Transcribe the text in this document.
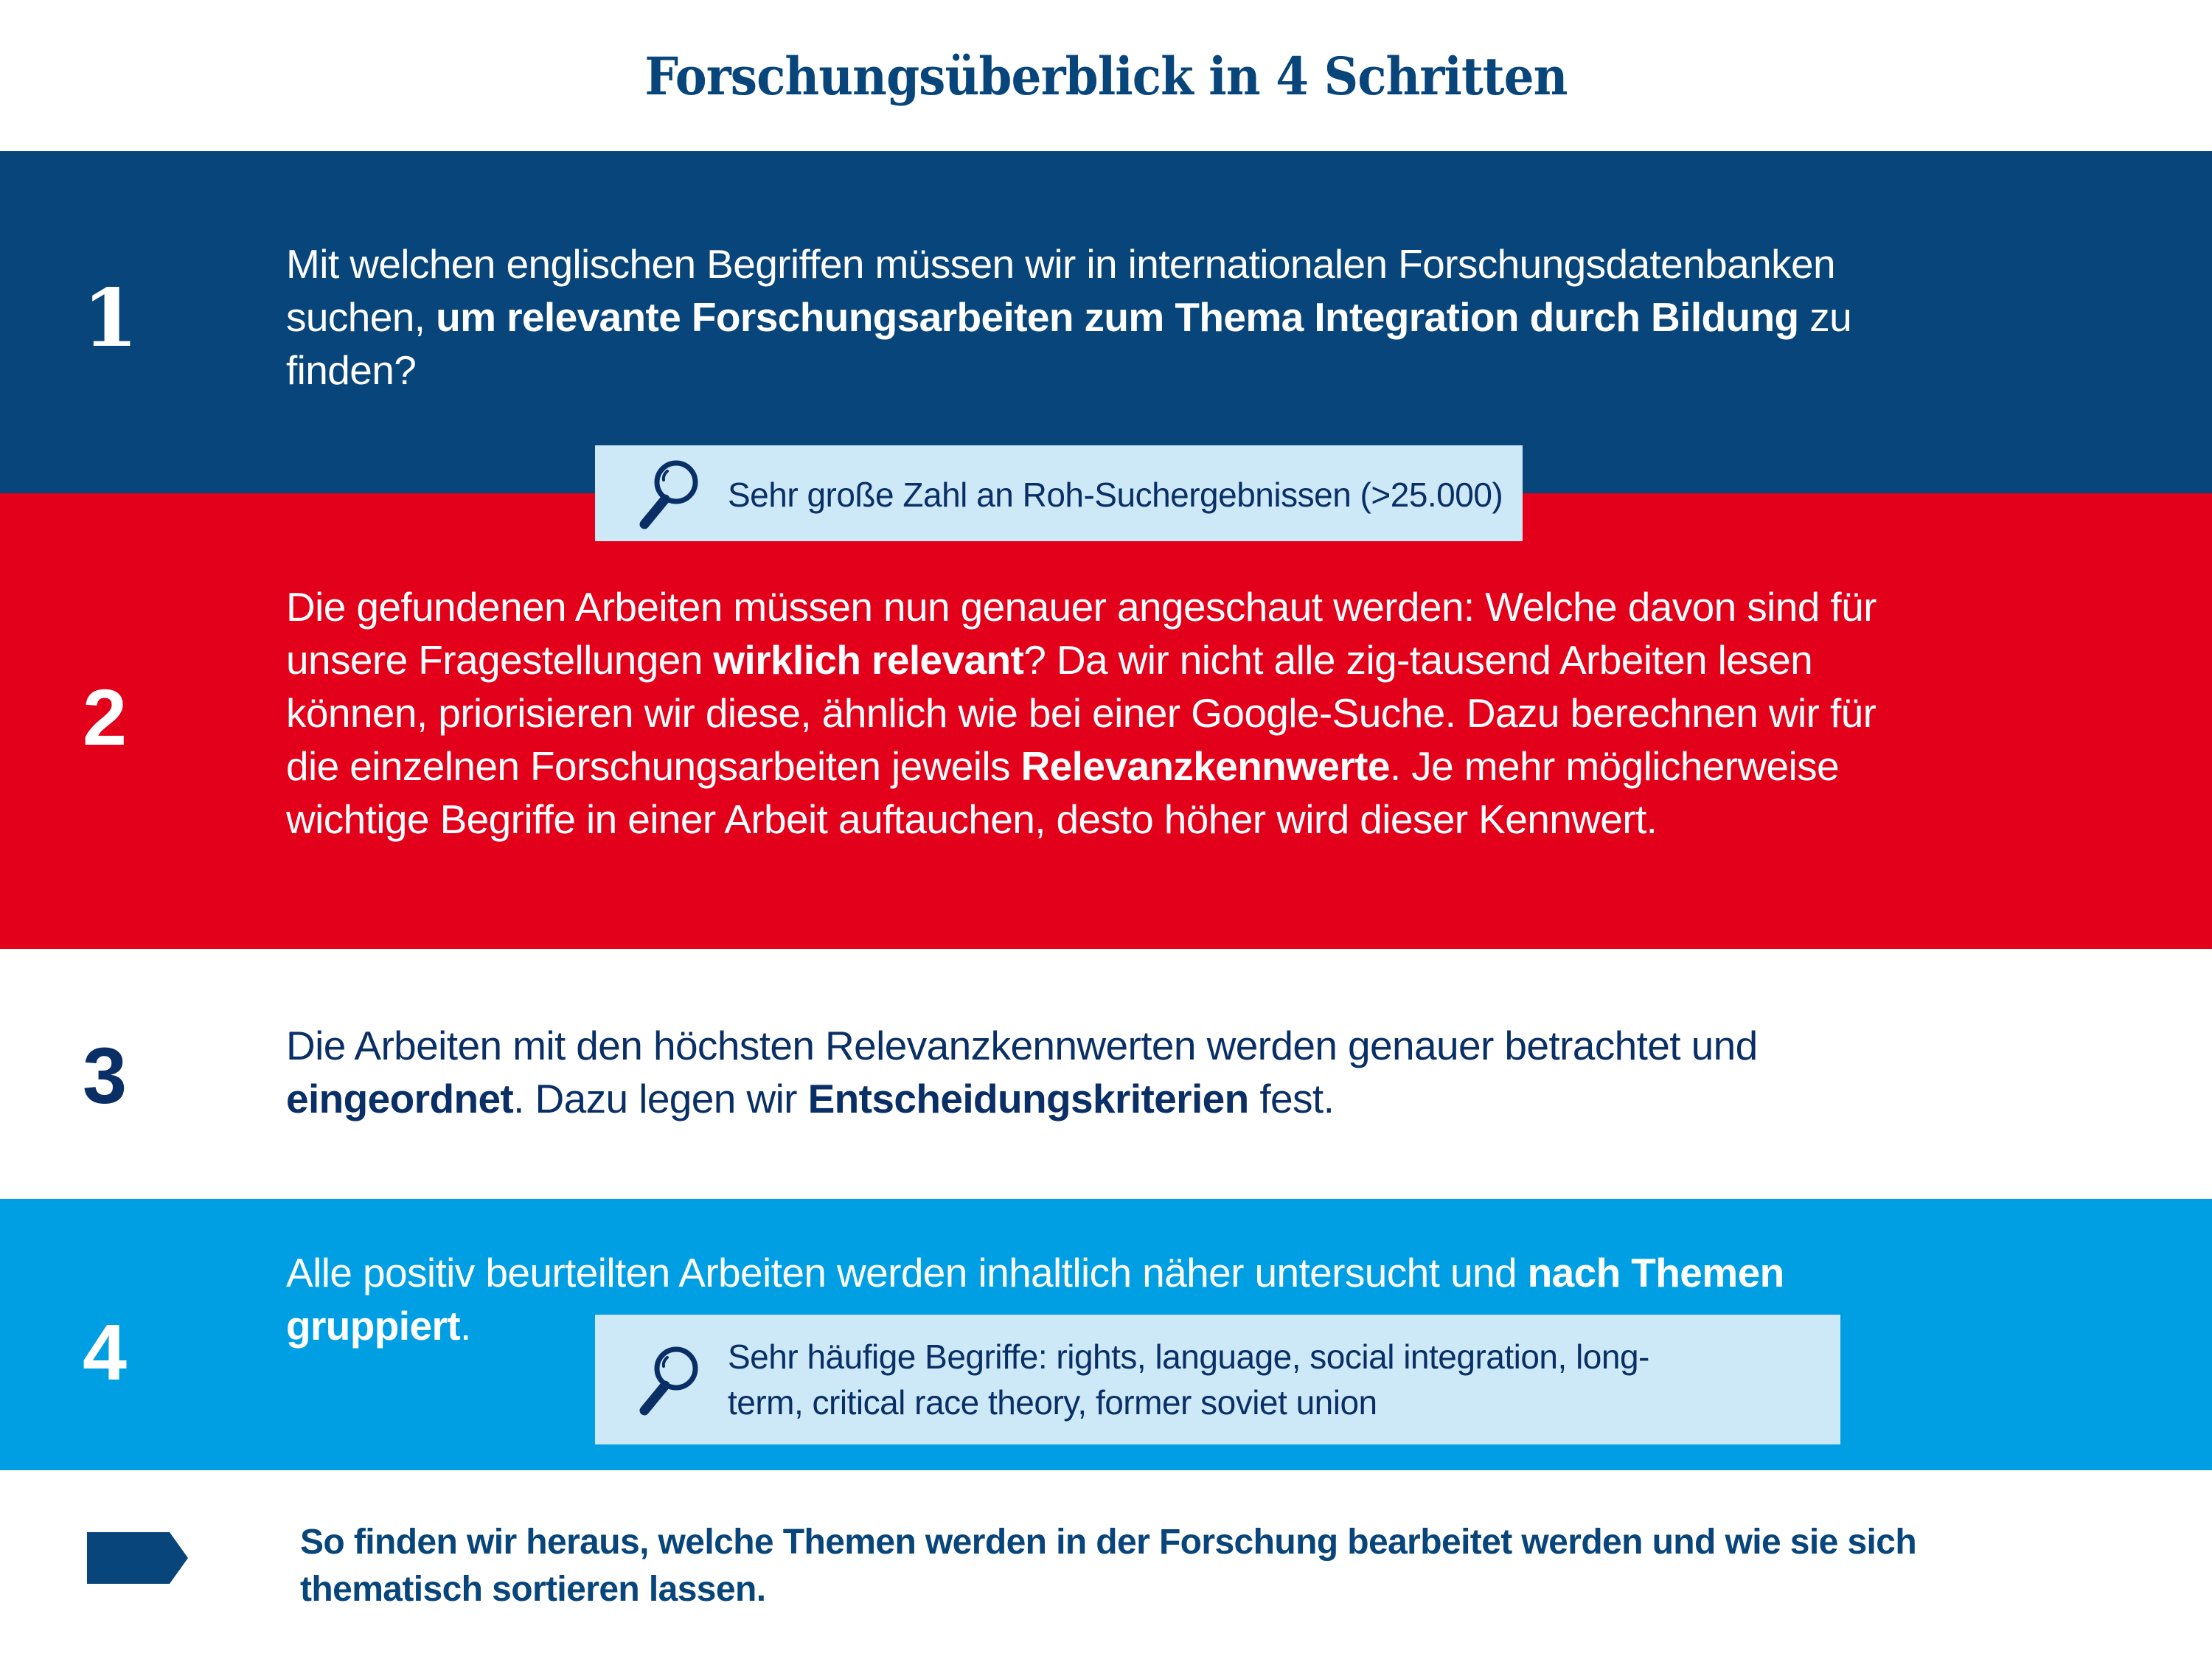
Forschungsüberblick in 4 Schritten
1
Mit welchen englischen Begriffen müssen wir in internationalen Forschungsdatenbanken
suchen, um relevante Forschungsarbeiten zum Thema Integration durch Bildung zu
finden?
2
Die gefundenen Arbeiten müssen nun genauer angeschaut werden: Welche davon sind für
unsere Fragestellungen wirklich relevant? Da wir nicht alle zig-tausend Arbeiten lesen
können, priorisieren wir diese, ähnlich wie bei einer Google-Suche. Dazu berechnen wir für
die einzelnen Forschungsarbeiten jeweils Relevanzkennwerte. Je mehr möglicherweise
wichtige Begriffe in einer Arbeit auftauchen, desto höher wird dieser Kennwert.
Sehr große Zahl an Roh-Suchergebnissen (>25.000)
3	Die Arbeiten mit den höchsten Relevanzkennwerten werden genauer betrachtet und
eingeordnet. Dazu legen wir Entscheidungskriterien fest.
4
Alle positiv beurteilten Arbeiten werden inhaltlich näher untersucht und nach Themen
gruppiert.
Sehr häufige Begriffe: rights, language, social integration, long-
term, critical race theory, former soviet union
So finden wir heraus, welche Themen werden in der Forschung bearbeitet werden und wie sie sich
thematisch sortieren lassen.
